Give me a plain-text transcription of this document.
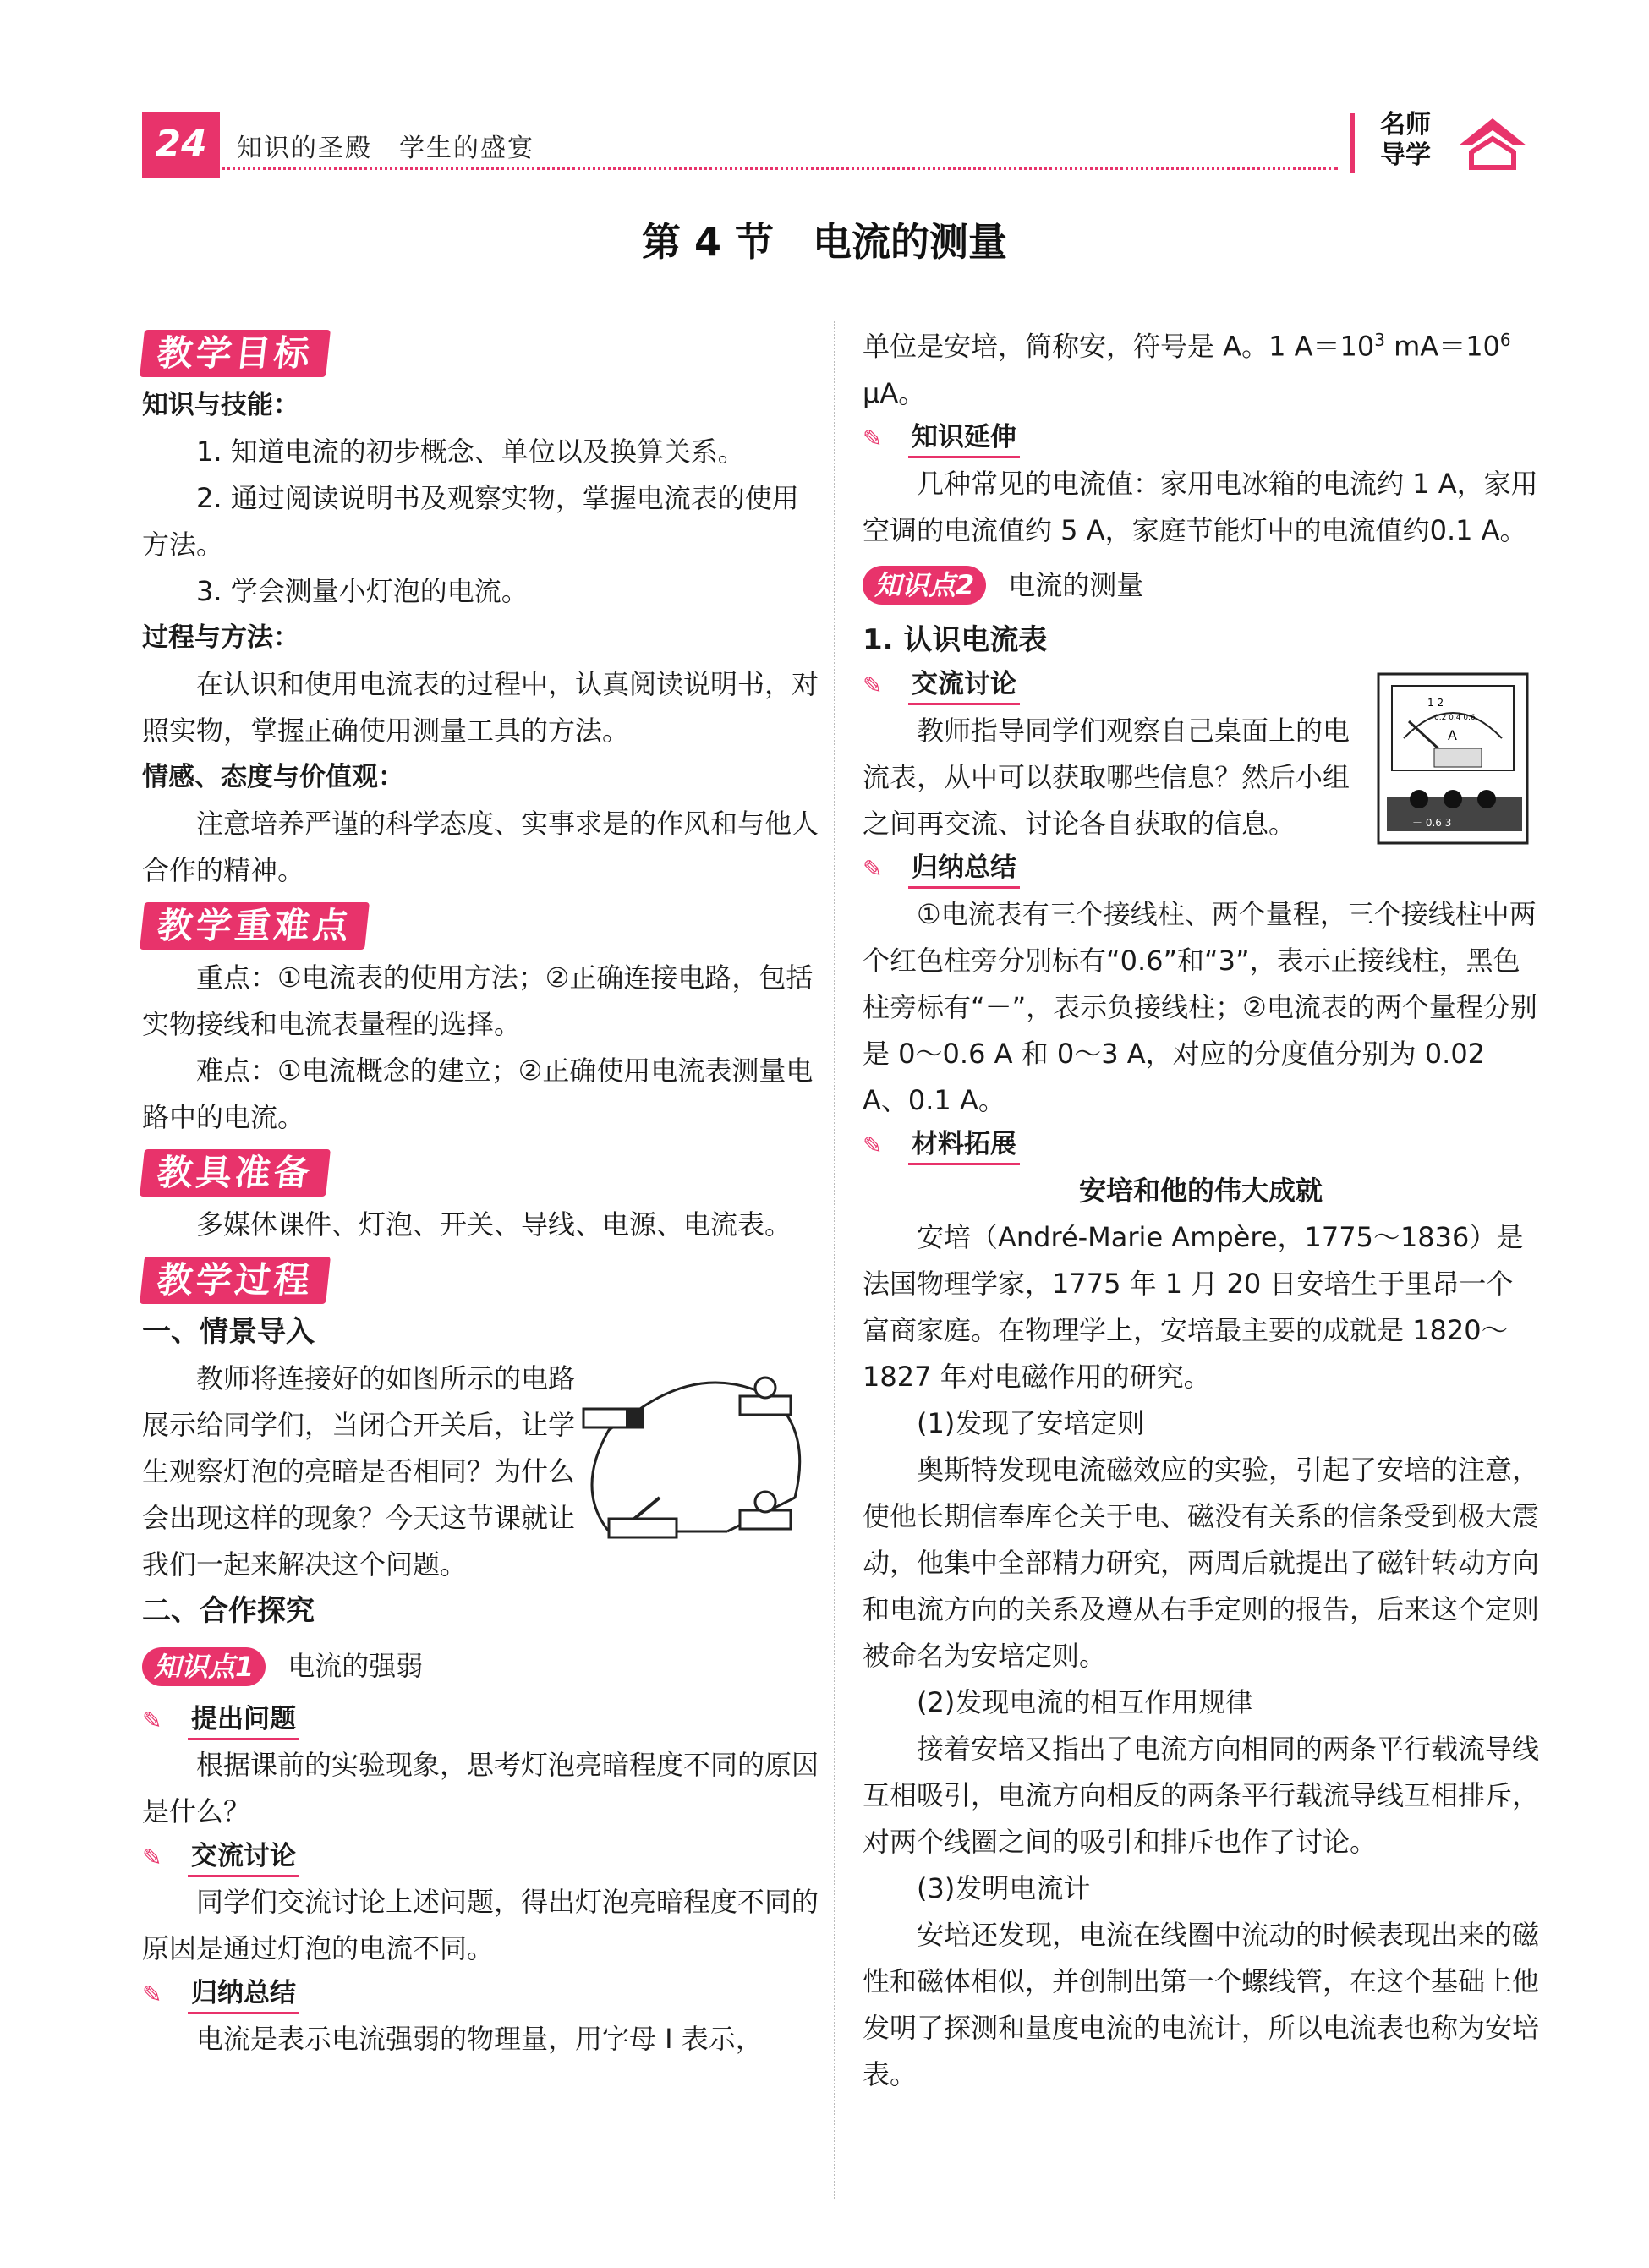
24	知识的圣殿　学生的盛宴
名师
导学
第 4 节　电流的测量
教学目标

知识与技能：

1. 知道电流的初步概念、单位以及换算关系。

2. 通过阅读说明书及观察实物，掌握电流表的使用方法。

3. 学会测量小灯泡的电流。

过程与方法：

在认识和使用电流表的过程中，认真阅读说明书，对照实物，掌握正确使用测量工具的方法。

情感、态度与价值观：

注意培养严谨的科学态度、实事求是的作风和与他人合作的精神。

教学重难点

重点：①电流表的使用方法；②正确连接电路，包括实物接线和电流表量程的选择。

难点：①电流概念的建立；②正确使用电流表测量电路中的电流。

教具准备

多媒体课件、灯泡、开关、导线、电源、电流表。

教学过程

一、情景导入

教师将连接好的如图所示的电路展示给同学们，当闭合开关后，让学生观察灯泡的亮暗是否相同？为什么会出现这样的现象？今天这节课就让我们一起来解决这个问题。

二、合作探究

知识点1	电流的强弱
✎	提出问题

根据课前的实验现象，思考灯泡亮暗程度不同的原因是什么？

✎	交流讨论

同学们交流讨论上述问题，得出灯泡亮暗程度不同的原因是通过灯泡的电流不同。

✎	归纳总结

电流是表示电流强弱的物理量，用字母 I 表示，

单位是安培，简称安，符号是 A。1 $A=10^3$ $mA=10^6$ μA。

✎	知识延伸

几种常见的电流值：家用电冰箱的电流约 1 A，家用空调的电流值约 5 A，家庭节能灯中的电流值约0.1 A。

知识点2	电流的测量

1. 认识电流表

✎	交流讨论
1 2
0.2 0.4 0.6
A
－ 0.6 3

教师指导同学们观察自己桌面上的电流表，从中可以获取哪些信息？然后小组之间再交流、讨论各自获取的信息。

✎	归纳总结

①电流表有三个接线柱、两个量程，三个接线柱中两个红色柱旁分别标有“0.6”和“3”，表示正接线柱，黑色柱旁标有“－”，表示负接线柱；②电流表的两个量程分别是 0～0.6 A 和 0～3 A，对应的分度值分别为 0.02 A、0.1 A。

✎	材料拓展

安培和他的伟大成就

安培（André-Marie Ampère，1775～1836）是法国物理学家，1775 年 1 月 20 日安培生于里昂一个富商家庭。在物理学上，安培最主要的成就是 1820～1827 年对电磁作用的研究。

(1)发现了安培定则

奥斯特发现电流磁效应的实验，引起了安培的注意，使他长期信奉库仑关于电、磁没有关系的信条受到极大震动，他集中全部精力研究，两周后就提出了磁针转动方向和电流方向的关系及遵从右手定则的报告，后来这个定则被命名为安培定则。

(2)发现电流的相互作用规律

接着安培又指出了电流方向相同的两条平行载流导线互相吸引，电流方向相反的两条平行载流导线互相排斥，对两个线圈之间的吸引和排斥也作了讨论。

(3)发明电流计

安培还发现，电流在线圈中流动的时候表现出来的磁性和磁体相似，并创制出第一个螺线管，在这个基础上他发明了探测和量度电流的电流计，所以电流表也称为安培表。
